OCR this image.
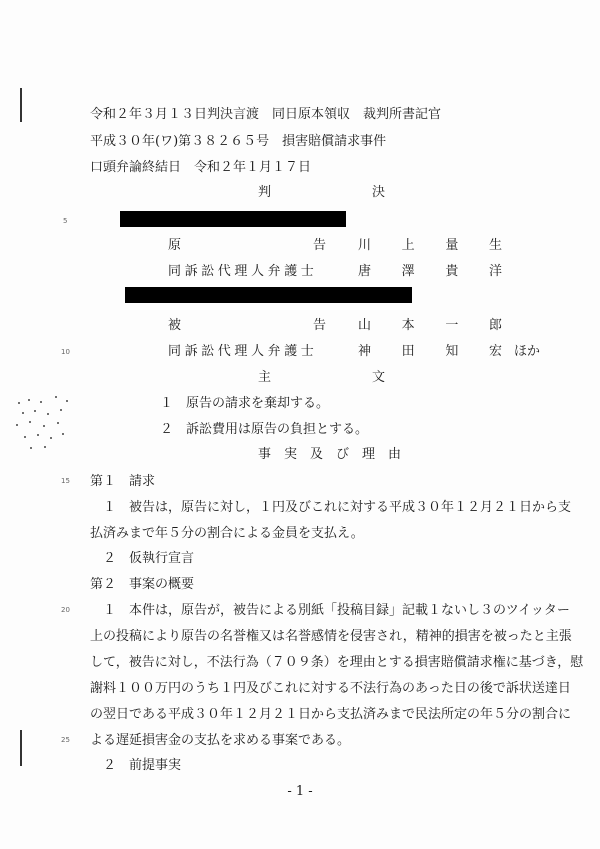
5
10
15
20
25
令和２年３月１３日判決言渡　同日原本領収　裁判所書記官
平成３０年(ワ)第３８２６５号　損害賠償請求事件
口頭弁論終結日　令和２年１月１７日
判	決
原	告 川 上 量 生
同訴訟代理人弁護士	唐 澤 貴 洋
被	告 山 本 一 郎
同訴訟代理人弁護士	神 田 知 宏 ほか
主	文
１　原告の請求を棄却する。
２　訴訟費用は原告の負担とする。
事　実　及　び　理　由
第１　請求
１　被告は，原告に対し，１円及びこれに対する平成３０年１２月２１日から支
払済みまで年５分の割合による金員を支払え。
２　仮執行宣言
第２　事案の概要
１　本件は，原告が，被告による別紙「投稿目録」記載１ないし３のツイッター
上の投稿により原告の名誉権又は名誉感情を侵害され，精神的損害を被ったと主張
して，被告に対し，不法行為（７０９条）を理由とする損害賠償請求権に基づき，慰
謝料１００万円のうち１円及びこれに対する不法行為のあった日の後で訴状送達日
の翌日である平成３０年１２月２１日から支払済みまで民法所定の年５分の割合に
よる遅延損害金の支払を求める事案である。
２　前提事実
- 1 -
